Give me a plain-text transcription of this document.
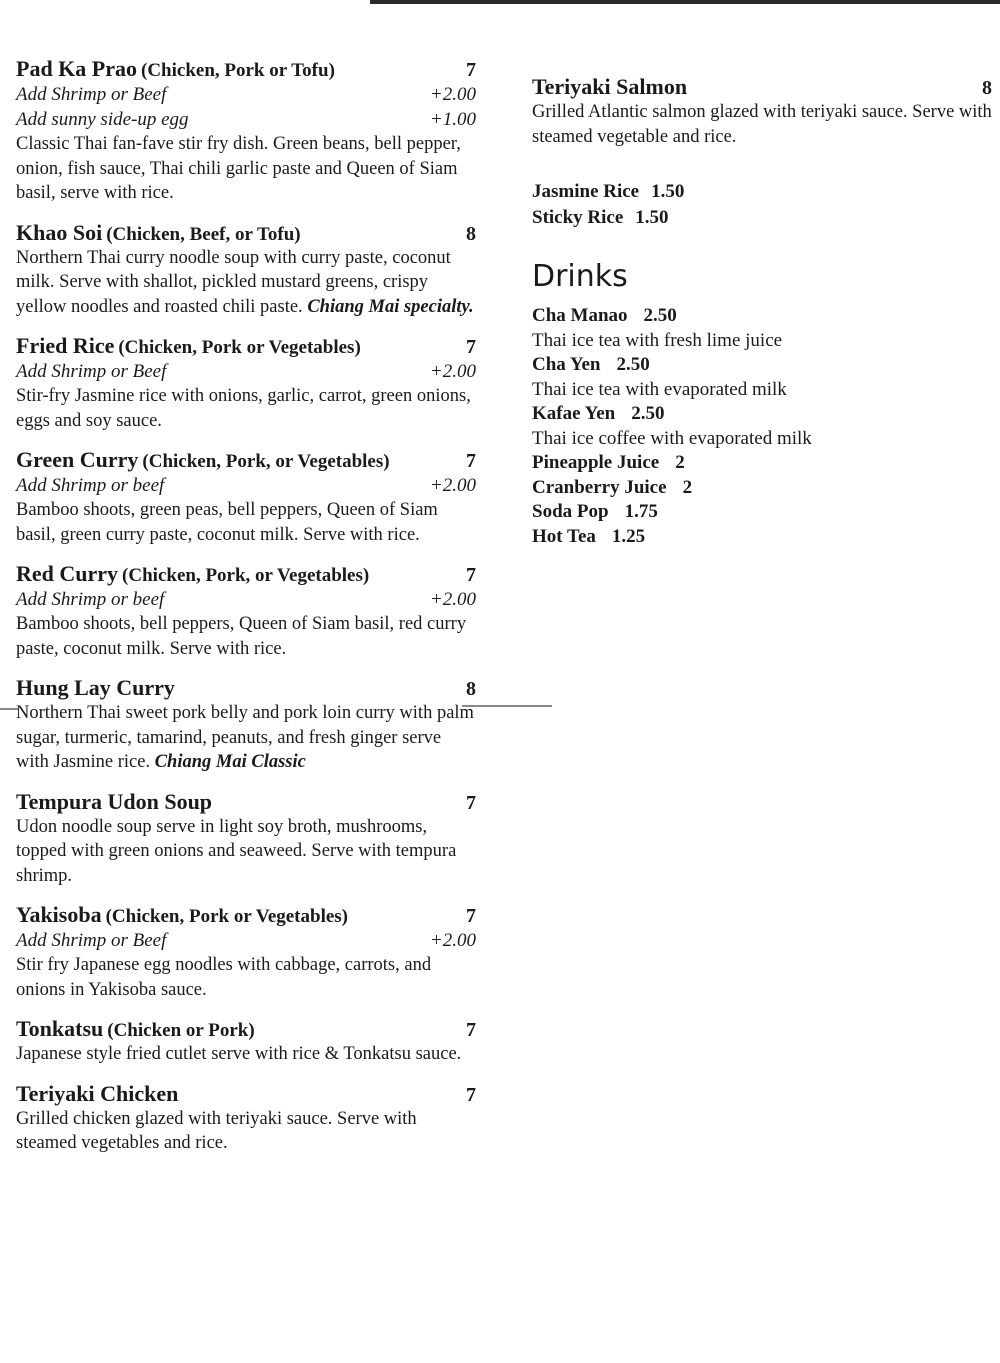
Pad Ka Prao (Chicken, Pork or Tofu)	7
Add Shrimp or Beef	+2.00
Add sunny side-up egg	+1.00
Classic Thai fan-fave stir fry dish. Green beans, bell pepper, onion, fish sauce, Thai chili garlic paste and Queen of Siam basil, serve with rice.
Khao Soi (Chicken, Beef, or Tofu)	8
Northern Thai curry noodle soup with curry paste, coconut milk. Serve with shallot, pickled mustard greens, crispy yellow noodles and roasted chili paste. Chiang Mai specialty.
Fried Rice (Chicken, Pork or Vegetables)	7
Add Shrimp or Beef	+2.00
Stir-fry Jasmine rice with onions, garlic, carrot, green onions, eggs and soy sauce.
Green Curry (Chicken, Pork, or Vegetables)	7
Add Shrimp or beef	+2.00
Bamboo shoots, green peas, bell peppers, Queen of Siam basil, green curry paste, coconut milk. Serve with rice.
Red Curry (Chicken, Pork, or Vegetables)	7
Add Shrimp or beef	+2.00
Bamboo shoots, bell peppers, Queen of Siam basil, red curry paste, coconut milk. Serve with rice.
Hung Lay Curry	8
Northern Thai sweet pork belly and pork loin curry with palm sugar, turmeric, tamarind, peanuts, and fresh ginger serve with Jasmine rice. Chiang Mai Classic
Tempura Udon Soup	7
Udon noodle soup serve in light soy broth, mushrooms, topped with green onions and seaweed. Serve with tempura shrimp.
Yakisoba (Chicken, Pork or Vegetables)	7
Add Shrimp or Beef	+2.00
Stir fry Japanese egg noodles with cabbage, carrots, and onions in Yakisoba sauce.
Tonkatsu (Chicken or Pork)	7
Japanese style fried cutlet serve with rice & Tonkatsu sauce.
Teriyaki Chicken	7
Grilled chicken glazed with teriyaki sauce. Serve with steamed vegetables and rice.
Teriyaki Salmon	8
Grilled Atlantic salmon glazed with teriyaki sauce. Serve with steamed vegetable and rice.
Jasmine Rice 1.50
Sticky Rice 1.50
Drinks
Cha Manao 2.50
Thai ice tea with fresh lime juice
Cha Yen 2.50
Thai ice tea with evaporated milk
Kafae Yen 2.50
Thai ice coffee with evaporated milk
Pineapple Juice 2
Cranberry Juice 2
Soda Pop 1.75
Hot Tea 1.25
